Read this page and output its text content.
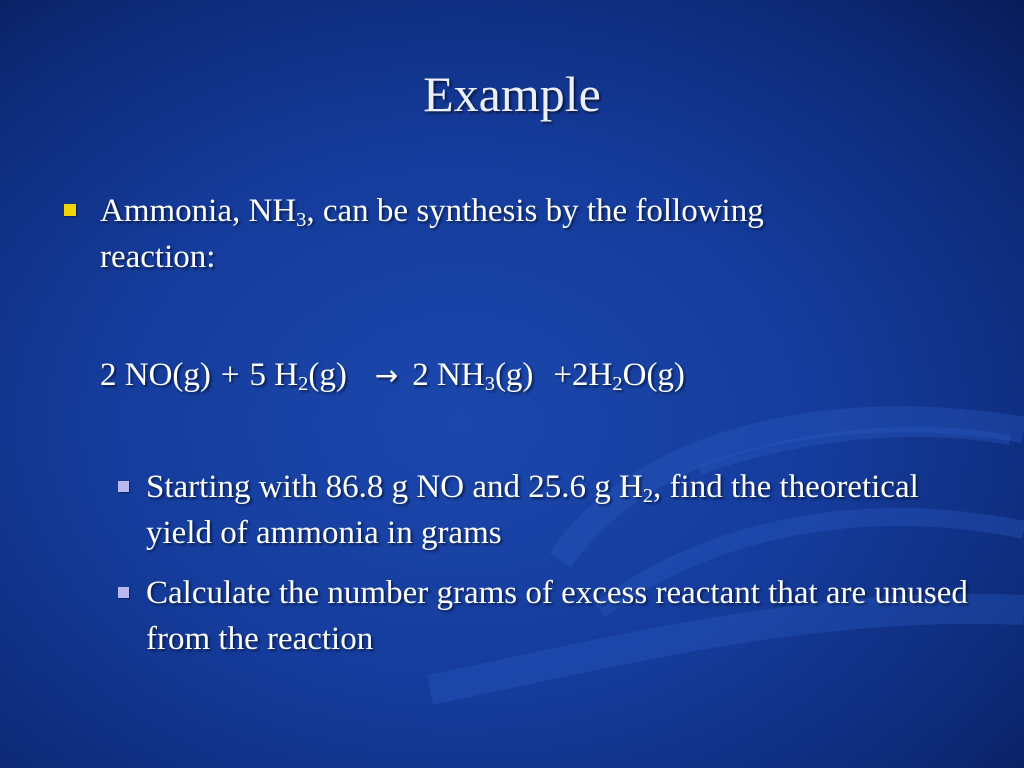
Example
Ammonia, $NH_3$, can be synthesis by the following reaction:
2 NO(g) + 5 $H_2(g) \to 2$ $NH_3(g) +2H_2O(g)$
Starting with 86.8 g NO and 25.6 g $H_2$, find the theoretical yield of ammonia in grams
Calculate the number grams of excess reactant that are unused from the reaction
